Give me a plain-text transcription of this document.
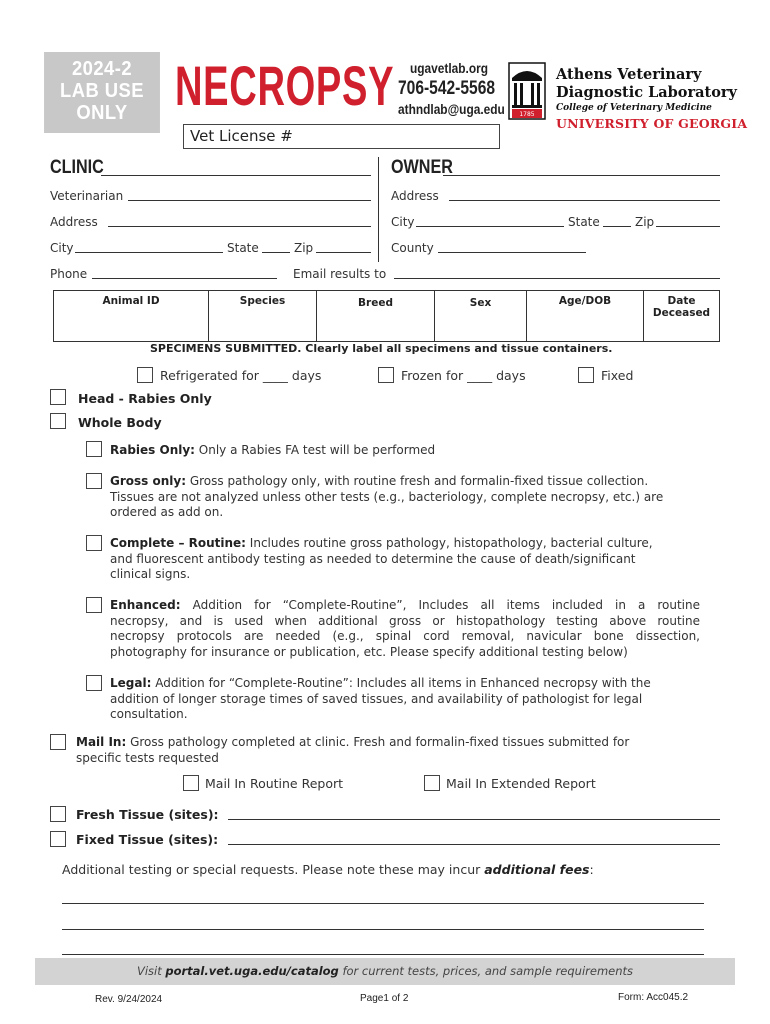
2024-2
LAB USE
ONLY NECROPSY ugavetlab.org
706-542-5568
athndlab@uga.edu 1785
Athens Veterinary
Diagnostic Laboratory
College of Veterinary Medicine
UNIVERSITY OF GEORGIA
Vet License #
CLINIC
Veterinarian
Address
City	State	Zip
Phone	Email results to
OWNER
Address
City	State	Zip
County
Animal ID	Species	Breed	Sex	Age/DOB	Date Deceased
SPECIMENS SUBMITTED. Clearly label all specimens and tissue containers.
Refrigerated for ____ days	Frozen for ____ days	Fixed
Head - Rabies Only
Whole Body
Rabies Only: Only a Rabies FA test will be performed
Gross only: Gross pathology only, with routine fresh and formalin-fixed tissue collection.
Tissues are not analyzed unless other tests (e.g., bacteriology, complete necropsy, etc.) are
ordered as add on.
Complete – Routine: Includes routine gross pathology, histopathology, bacterial culture,
and fluorescent antibody testing as needed to determine the cause of death/significant
clinical signs.
Enhanced: Addition for “Complete-Routine”, Includes all items included in a routine
necropsy, and is used when additional gross or histopathology testing above routine
necropsy protocols are needed (e.g., spinal cord removal, navicular bone dissection,
photography for insurance or publication, etc. Please specify additional testing below)
Legal: Addition for “Complete-Routine”: Includes all items in Enhanced necropsy with the
addition of longer storage times of saved tissues, and availability of pathologist for legal
consultation.
Mail In: Gross pathology completed at clinic. Fresh and formalin-fixed tissues submitted for
specific tests requested
Mail In Routine Report	Mail In Extended Report
Fresh Tissue (sites):
Fixed Tissue (sites):
Additional testing or special requests. Please note these may incur additional fees:
Visit portal.vet.uga.edu/catalog for current tests, prices, and sample requirements
Rev. 9/24/2024	Page1 of 2	Form: Acc045.2
